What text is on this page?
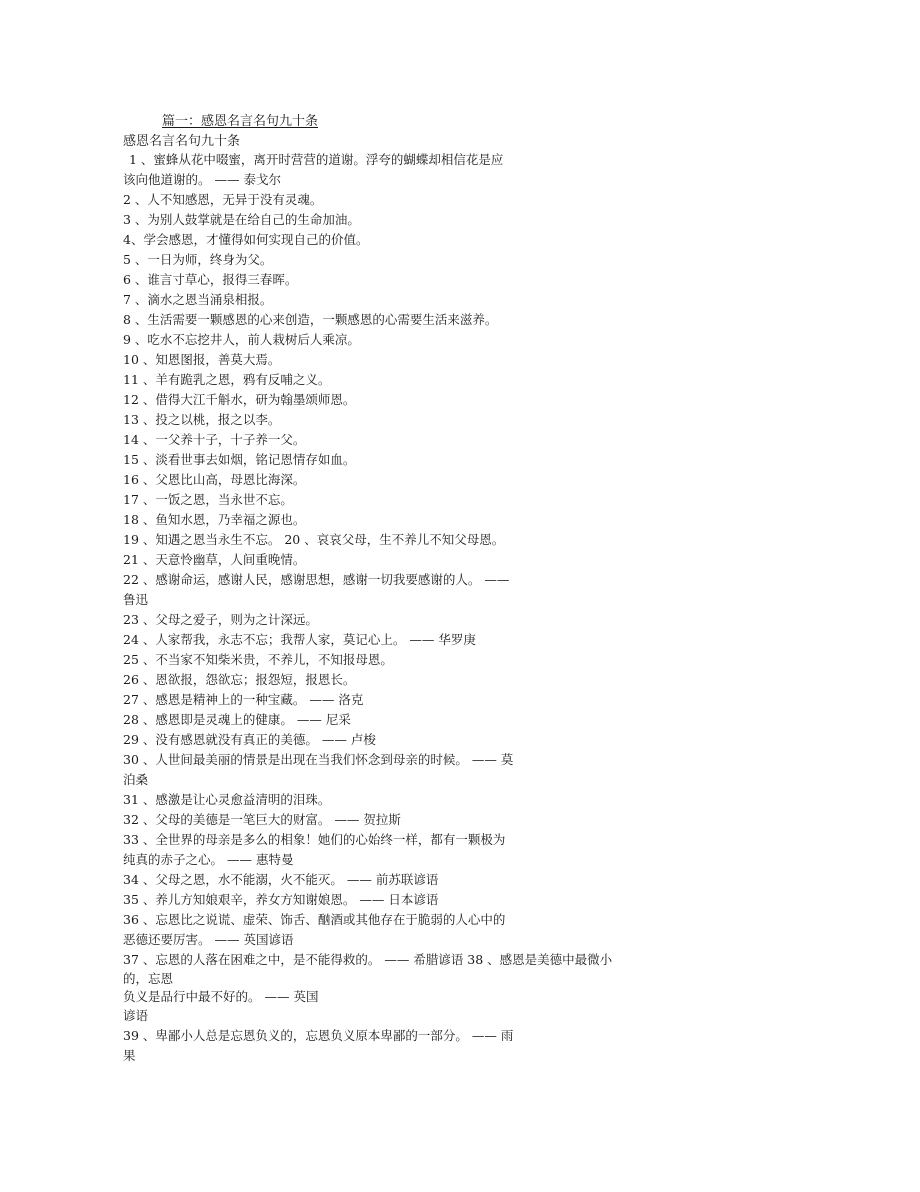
篇一：感恩名言名句九十条
感恩名言名句九十条
1 、蜜蜂从花中啜蜜，离开时营营的道谢。浮夸的蝴蝶却相信花是应
该向他道谢的。 —— 泰戈尔
2 、人不知感恩，无异于没有灵魂。
3 、为别人鼓掌就是在给自己的生命加油。
4、学会感恩，才懂得如何实现自己的价值。
5 、一日为师，终身为父。
6 、谁言寸草心，报得三春晖。
7 、滴水之恩当涌泉相报。
8 、生活需要一颗感恩的心来创造，一颗感恩的心需要生活来滋养。
9 、吃水不忘挖井人，前人栽树后人乘凉。
10 、知恩图报，善莫大焉。
11 、羊有跪乳之恩，鸦有反哺之义。
12 、借得大江千斛水，研为翰墨颂师恩。
13 、投之以桃，报之以李。
14 、一父养十子，十子养一父。
15 、淡看世事去如烟，铭记恩情存如血。
16 、父恩比山高，母恩比海深。
17 、一饭之恩，当永世不忘。
18 、鱼知水恩，乃幸福之源也。
19 、知遇之恩当永生不忘。 20 、哀哀父母，生不养儿不知父母恩。
21 、天意怜幽草，人间重晚情。
22 、感谢命运，感谢人民，感谢思想，感谢一切我要感谢的人。 ——
鲁迅
23 、父母之爱子，则为之计深远。
24 、人家帮我，永志不忘；我帮人家，莫记心上。 —— 华罗庚
25 、不当家不知柴米贵，不养儿，不知报母恩。
26 、恩欲报，怨欲忘；报怨短，报恩长。
27 、感恩是精神上的一种宝藏。 —— 洛克
28 、感恩即是灵魂上的健康。 —— 尼采
29 、没有感恩就没有真正的美德。 —— 卢梭
30 、人世间最美丽的情景是出现在当我们怀念到母亲的时候。 —— 莫
泊桑
31 、感激是让心灵愈益清明的泪珠。
32 、父母的美德是一笔巨大的财富。 —— 贺拉斯
33 、全世界的母亲是多么的相象！她们的心始终一样，都有一颗极为
纯真的赤子之心。 —— 惠特曼
34 、父母之恩，水不能溺，火不能灭。 —— 前苏联谚语
35 、养儿方知娘艰辛，养女方知谢娘恩。 —— 日本谚语
36 、忘恩比之说谎、虚荣、饰舌、酗酒或其他存在于脆弱的人心中的
恶德还要厉害。 —— 英国谚语
37 、忘恩的人落在困难之中，是不能得救的。 —— 希腊谚语 38 、感恩是美德中最微小
的，忘恩
负义是品行中最不好的。 —— 英国
谚语
39 、卑鄙小人总是忘恩负义的，忘恩负义原本卑鄙的一部分。 —— 雨
果
